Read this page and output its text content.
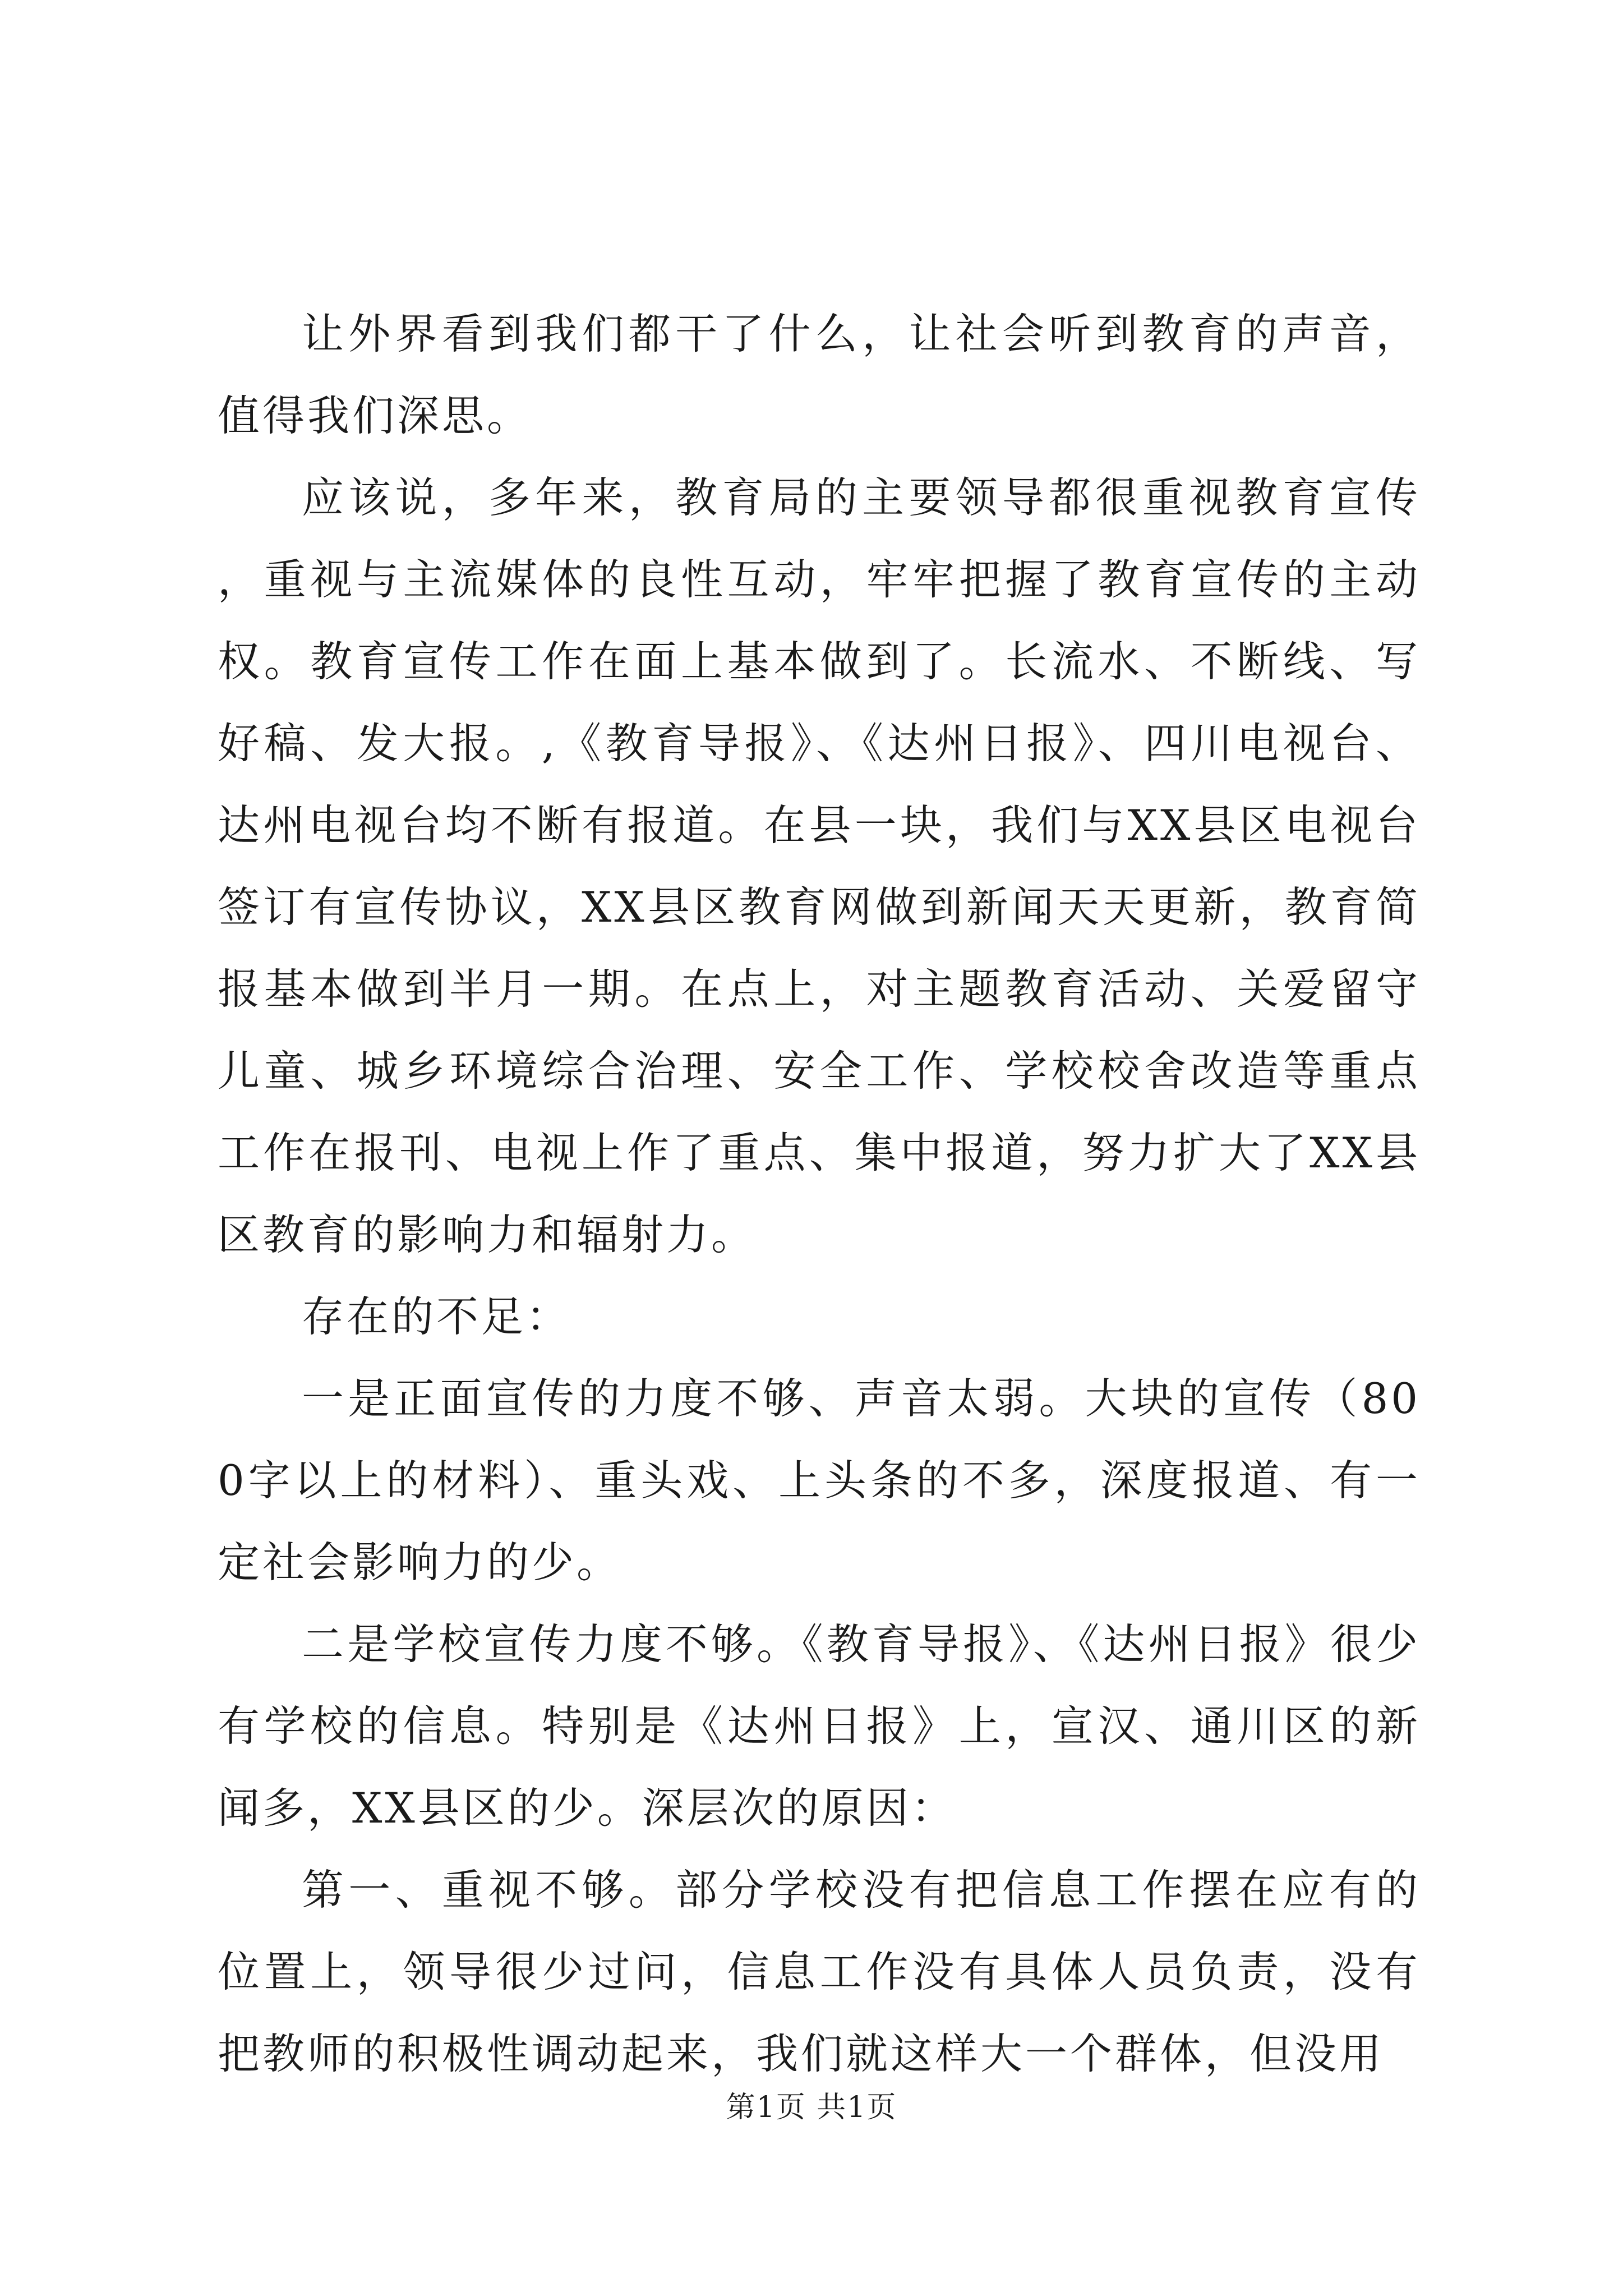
让外界看到我们都干了什么，让社会听到教育的声音，值得我们深思。

应该说，多年来，教育局的主要领导都很重视教育宣传，重视与主流媒体的良性互动，牢牢把握了教育宣传的主动权。教育宣传工作在面上基本做到了。长流水、不断线、写好稿、发大报。,《教育导报》、《达州日报》、四川电视台、达州电视台均不断有报道。在县一块，我们与XX县区电视台签订有宣传协议，XX县区教育网做到新闻天天更新，教育简报基本做到半月一期。在点上，对主题教育活动、关爱留守儿童、城乡环境综合治理、安全工作、学校校舍改造等重点工作在报刊、电视上作了重点、集中报道，努力扩大了XX县区教育的影响力和辐射力。

存在的不足：

一是正面宣传的力度不够、声音太弱。大块的宣传（800字以上的材料）、重头戏、上头条的不多，深度报道、有一定社会影响力的少。

二是学校宣传力度不够。《教育导报》、《达州日报》很少有学校的信息。特别是《达州日报》上，宣汉、通川区的新闻多，XX县区的少。深层次的原因：

第一、重视不够。部分学校没有把信息工作摆在应有的位置上，领导很少过问，信息工作没有具体人员负责，没有把教师的积极性调动起来，我们就这样大一个群体，但没用

第1页 共1页
